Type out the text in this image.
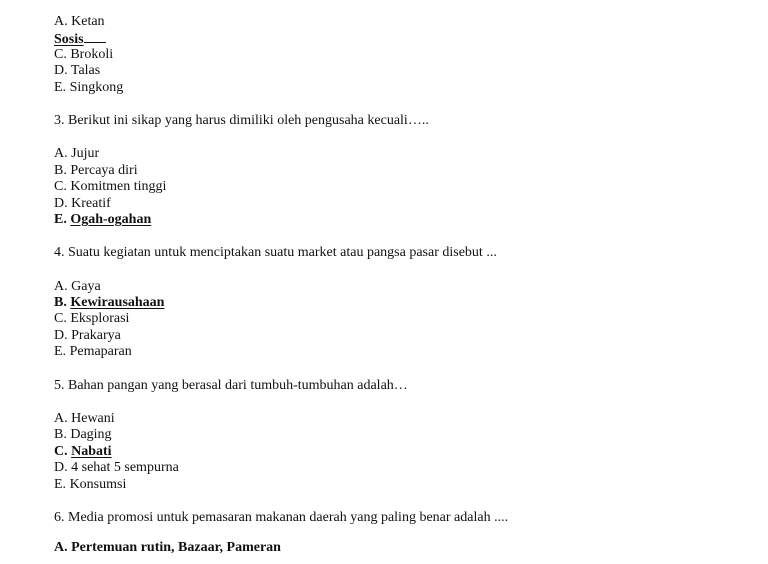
A. Ketan
Sosis
C. Brokoli
D. Talas
E. Singkong
3. Berikut ini sikap yang harus dimiliki oleh pengusaha kecuali…..
A. Jujur
B. Percaya diri
C. Komitmen tinggi
D. Kreatif
E. Ogah-ogahan
4. Suatu kegiatan untuk menciptakan suatu market atau pangsa pasar disebut ...
A. Gaya
B. Kewirausahaan
C. Eksplorasi
D. Prakarya
E. Pemaparan
5. Bahan pangan yang berasal dari tumbuh-tumbuhan adalah…
A. Hewani
B. Daging
C. Nabati
D. 4 sehat 5 sempurna
E. Konsumsi
6. Media promosi untuk pemasaran makanan daerah yang paling benar adalah ....
A. Pertemuan rutin, Bazaar, Pameran
